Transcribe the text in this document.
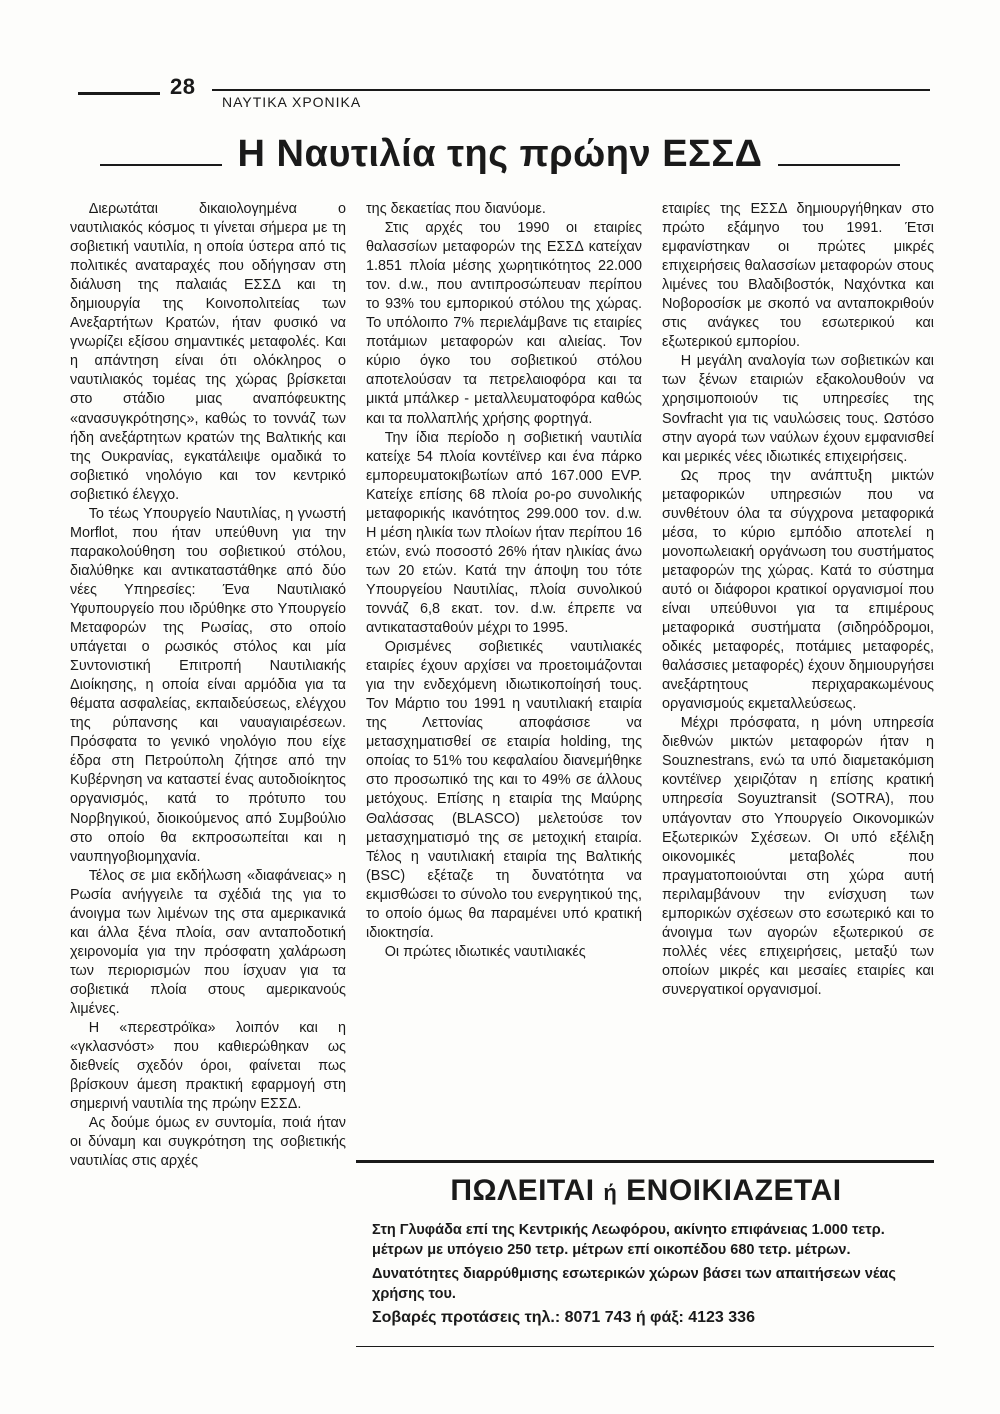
28
ΝΑΥΤΙΚΑ ΧΡΟΝΙΚΑ
Η Ναυτιλία της πρώην ΕΣΣΔ

Διερωτάται δικαιολογημένα ο ναυτιλιακός κόσμος τι γίνεται σήμερα με τη σοβιετική ναυτιλία, η οποία ύστερα από τις πολιτικές αναταραχές που οδήγησαν στη διάλυση της παλαιάς ΕΣΣΔ και τη δημιουργία της Κοινοπολιτείας των Ανεξαρτήτων Κρατών, ήταν φυσικό να γνωρίζει εξίσου σημαντικές μεταφολές. Και η απάντηση είναι ότι ολόκληρος ο ναυτιλιακός τομέας της χώρας βρίσκεται στο στάδιο μιας αναπόφευκτης «ανασυγκρότησης», καθώς το τοννάζ των ήδη ανεξάρτητων κρατών της Βαλτικής και της Ουκρανίας, εγκατάλειψε ομαδικά το σοβιετικό νηολόγιο και τον κεντρικό σοβιετικό έλεγχο.

Το τέως Υπουργείο Ναυτιλίας, η γνωστή Morflot, που ήταν υπεύθυνη για την παρακολούθηση του σοβιετικού στόλου, διαλύθηκε και αντικαταστάθηκε από δύο νέες Υπηρεσίες: Ένα Ναυτιλιακό Υφυπουργείο που ιδρύθηκε στο Υπουργείο Μεταφορών της Ρωσίας, στο οποίο υπάγεται ο ρωσικός στόλος και μία Συντονιστική Επιτροπή Ναυτιλιακής Διοίκησης, η οποία είναι αρμόδια για τα θέματα ασφαλείας, εκπαιδεύσεως, ελέγχου της ρύπανσης και ναυαγιαιρέσεων. Πρόσφατα το γενικό νηολόγιο που είχε έδρα στη Πετρούπολη ζήτησε από την Κυβέρνηση να καταστεί ένας αυτοδιοίκητος οργανισμός, κατά το πρότυπο του Νορβηγικού, διοικούμενος από Συμβούλιο στο οποίο θα εκπροσωπείται και η ναυπηγοβιομηχανία.

Τέλος σε μια εκδήλωση «διαφάνειας» η Ρωσία ανήγγειλε τα σχέδιά της για το άνοιγμα των λιμένων της στα αμερικανικά και άλλα ξένα πλοία, σαν ανταποδοτική χειρονομία για την πρόσφατη χαλάρωση των περιορισμών που ίσχυαν για τα σοβιετικά πλοία στους αμερικανούς λιμένες.

Η «περεστρόϊκα» λοιπόν και η «γκλασνόστ» που καθιερώθηκαν ως διεθνείς σχεδόν όροι, φαίνεται πως βρίσκουν άμεση πρακτική εφαρμογή στη σημερινή ναυτιλία της πρώην ΕΣΣΔ.

Ας δούμε όμως εν συντομία, ποιά ήταν οι δύναμη και συγκρότηση της σοβιετικής ναυτιλίας στις αρχές

της δεκαετίας που διανύομε.

Στις αρχές του 1990 οι εταιρίες θαλασσίων μεταφορών της ΕΣΣΔ κατείχαν 1.851 πλοία μέσης χωρητικότητος 22.000 τον. d.w., που αντιπροσώπευαν περίπου το 93% του εμπορικού στόλου της χώρας. Το υπόλοιπο 7% περιελάμβανε τις εταιρίες ποτάμιων μεταφορών και αλιείας. Τον κύριο όγκο του σοβιετικού στόλου αποτελούσαν τα πετρελαιοφόρα και τα μικτά μπάλκερ - μεταλλευματοφόρα καθώς και τα πολλαπλής χρήσης φορτηγά.

Την ίδια περίοδο η σοβιετική ναυτιλία κατείχε 54 πλοία κοντέϊνερ και ένα πάρκο εμπορευματοκιβωτίων από 167.000 EVP. Κατείχε επίσης 68 πλοία ρο-ρο συνολικής μεταφορικής ικανότητος 299.000 τον. d.w. Η μέση ηλικία των πλοίων ήταν περίπου 16 ετών, ενώ ποσοστό 26% ήταν ηλικίας άνω των 20 ετών. Κατά την άποψη του τότε Υπουργείου Ναυτιλίας, πλοία συνολικού τοννάζ 6,8 εκατ. τον. d.w. έπρεπε να αντικατασταθούν μέχρι το 1995.

Ορισμένες σοβιετικές ναυτιλιακές εταιρίες έχουν αρχίσει να προετοιμάζονται για την ενδεχόμενη ιδιωτικοποίησή τους. Τον Μάρτιο του 1991 η ναυτιλιακή εταιρία της Λεττονίας αποφάσισε να μετασχηματισθεί σε εταιρία holding, της οποίας το 51% του κεφαλαίου διανεμήθηκε στο προσωπικό της και το 49% σε άλλους μετόχους. Επίσης η εταιρία της Μαύρης Θαλάσσας (BLASCO) μελετούσε τον μετασχηματισμό της σε μετοχική εταιρία. Τέλος η ναυτιλιακή εταιρία της Βαλτικής (BSC) εξέταζε τη δυνατότητα να εκμισθώσει το σύνολο του ενεργητικού της, το οποίο όμως θα παραμένει υπό κρατική ιδιοκτησία.

Οι πρώτες ιδιωτικές ναυτιλιακές

εταιρίες της ΕΣΣΔ δημιουργήθηκαν στο πρώτο εξάμηνο του 1991. Έτσι εμφανίστηκαν οι πρώτες μικρές επιχειρήσεις θαλασσίων μεταφορών στους λιμένες του Βλαδιβοστόκ, Ναχόντκα και Νοβοροσίσκ με σκοπό να ανταποκριθούν στις ανάγκες του εσωτερικού και εξωτερικού εμπορίου.

Η μεγάλη αναλογία των σοβιετικών και των ξένων εταιριών εξακολουθούν να χρησιμοποιούν τις υπηρεσίες της Sovfracht για τις ναυλώσεις τους. Ωστόσο στην αγορά των ναύλων έχουν εμφανισθεί και μερικές νέες ιδιωτικές επιχειρήσεις.

Ως προς την ανάπτυξη μικτών μεταφορικών υπηρεσιών που να συνθέτουν όλα τα σύγχρονα μεταφορικά μέσα, το κύριο εμπόδιο αποτελεί η μονοπωλειακή οργάνωση του συστήματος μεταφορών της χώρας. Κατά το σύστημα αυτό οι διάφοροι κρατικοί οργανισμοί που είναι υπεύθυνοι για τα επιμέρους μεταφορικά συστήματα (σιδηρόδρομοι, οδικές μεταφορές, ποτάμιες μεταφορές, θαλάσσιες μεταφορές) έχουν δημιουργήσει ανεξάρτητους περιχαρακωμένους οργανισμούς εκμεταλλεύσεως.

Μέχρι πρόσφατα, η μόνη υπηρεσία διεθνών μικτών μεταφορών ήταν η Souznestrans, ενώ τα υπό διαμετακόμιση κοντέϊνερ χειριζόταν η επίσης κρατική υπηρεσία Soyuztransit (SOTRA), που υπάγονταν στο Υπουργείο Οικονομικών Εξωτερικών Σχέσεων. Οι υπό εξέλιξη οικονομικές μεταβολές που πραγματοποιούνται στη χώρα αυτή περιλαμβάνουν την ενίσχυση των εμπορικών σχέσεων στο εσωτερικό και το άνοιγμα των αγορών εξωτερικού σε πολλές νέες επιχειρήσεις, μεταξύ των οποίων μικρές και μεσαίες εταιρίες και συνεργατικοί οργανισμοί.

ΠΩΛΕΙΤΑΙ ή ΕΝΟΙΚΙΑΖΕΤΑΙ

Στη Γλυφάδα επί της Κεντρικής Λεωφόρου, ακίνητο επιφάνειας 1.000 τετρ. μέτρων με υπόγειο 250 τετρ. μέτρων επί οικοπέδου 680 τετρ. μέτρων.

Δυνατότητες διαρρύθμισης εσωτερικών χώρων βάσει των απαιτήσεων νέας χρήσης του.

Σοβαρές προτάσεις τηλ.: 8071 743 ή φάξ: 4123 336
